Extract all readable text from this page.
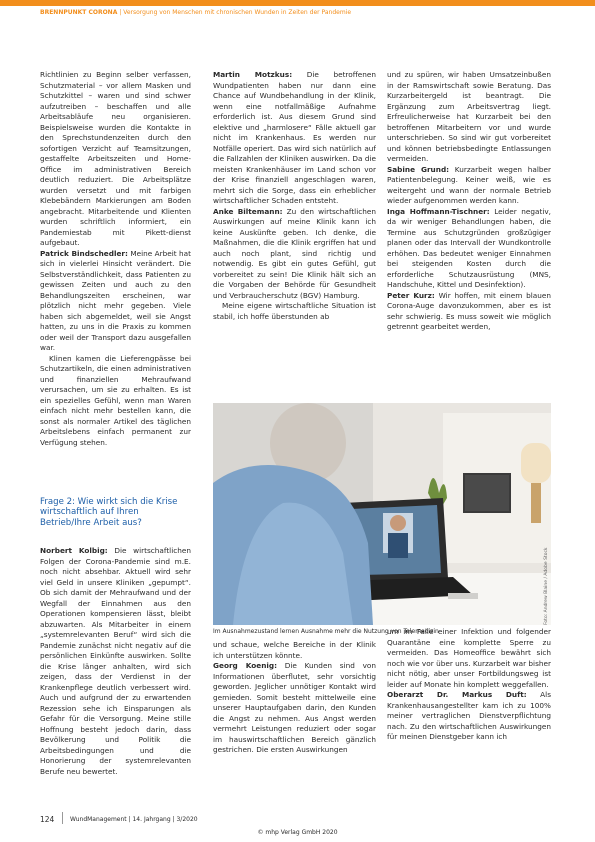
BRENNPUNKT CORONA | Versorgung von Menschen mit chronischen Wunden in Zeiten der Pandemie

Richtlinien zu Beginn selber verfassen, Schutzmaterial – vor allem Masken und Schutzkittel – waren und sind schwer aufzutreiben – beschaffen und alle Arbeitsabläufe neu organisieren. Beispielsweise wurden die Kontakte in den Sprechstundenzeiten durch den sofortigen Verzicht auf Teamsitzungen, gestaffelte Arbeitszeiten und Home-Office im administrativen Bereich deutlich reduziert. Die Arbeitsplätze wurden versetzt und mit farbigen Klebebändern Markierungen am Boden angebracht. Mitarbeitende und Klienten wurden schriftlich informiert, ein Pandemiestab mit Pikett-dienst aufgebaut.

Patrick Bindschedler: Meine Arbeit hat sich in vielerlei Hinsicht verändert. Die Selbstverständlichkeit, dass Patienten zu gewissen Zeiten und auch zu den Behandlungszeiten erscheinen, war plötzlich nicht mehr gegeben. Viele haben sich abgemeldet, weil sie Angst hatten, zu uns in die Praxis zu kommen oder weil der Transport dazu ausgefallen war.

Klinen kamen die Lieferengpässe bei Schutzartikeln, die einen administrativen und finanziellen Mehraufwand verursachen, um sie zu erhalten. Es ist ein spezielles Gefühl, wenn man Waren einfach nicht mehr bestellen kann, die sonst als normaler Artikel des täglichen Arbeitslebens einfach permanent zur Verfügung stehen.

Frage 2: Wie wirkt sich die Krise wirtschaftlich auf Ihren Betrieb/Ihre Arbeit aus?

Norbert Kolbig: Die wirtschaftlichen Folgen der Corona-Pandemie sind m.E. noch nicht absehbar. Aktuell wird sehr viel Geld in unsere Kliniken „gepumpt“. Ob sich damit der Mehraufwand und der Wegfall der Einnahmen aus den Operationen kompensieren lässt, bleibt abzuwarten. Als Mitarbeiter in einem „systemrelevanten Beruf“ wird sich die Pandemie zunächst nicht negativ auf die persönlichen Einkünfte auswirken. Sollte die Krise länger anhalten, wird sich zeigen, dass der Verdienst in der Krankenpflege deutlich verbessert wird. Auch und aufgrund der zu erwartenden Rezession sehe ich Einsparungen als Gefahr für die Versorgung. Meine stille Hoffnung besteht jedoch darin, dass Bevölkerung und Politik die Arbeitsbedingungen und die Honorierung der systemrelevanten Berufe neu bewertet.

Martin Motzkus: Die betroffenen Wundpatienten haben nur dann eine Chance auf Wundbehandlung in der Klinik, wenn eine notfallmäßige Aufnahme erforderlich ist. Aus diesem Grund sind elektive und „harmlosere“ Fälle aktuell gar nicht im Krankenhaus. Es werden nur Notfälle operiert. Das wird sich natürlich auf die Fallzahlen der Kliniken auswirken. Da die meisten Krankenhäuser im Land schon vor der Krise finanziell angeschlagen waren, mehrt sich die Sorge, dass ein erheblicher wirtschaftlicher Schaden entsteht.

Anke Biltemann: Zu den wirtschaftlichen Auswirkungen auf meine Klinik kann ich keine Auskünfte geben. Ich denke, die Maßnahmen, die die Klinik ergriffen hat und auch noch plant, sind richtig und notwendig. Es gibt ein gutes Gefühl, gut vorbereitet zu sein! Die Klinik hält sich an die Vorgaben der Behörde für Gesundheit und Verbraucherschutz (BGV) Hamburg.

Meine eigene wirtschaftliche Situation ist stabil, ich hoffe überstunden ab

und zu spüren, wir haben Umsatzeinbußen in der Ramswirtschaft sowie Beratung. Das Kurzarbeitergeld ist beantragt. Die Ergänzung zum Arbeitsvertrag liegt. Erfreulicherweise hat Kurzarbeit bei den betroffenen Mitarbeitern vor und wurde unterschrieben. So sind wir gut vorbereitet und können betriebsbedingte Entlassungen vermeiden.

Sabine Grund: Kurzarbeit wegen halber Patientenbelegung. Keiner weiß, wie es weitergeht und wann der normale Betrieb wieder aufgenommen werden kann.

Inga Hoffmann-Tischner: Leider negativ, da wir weniger Behandlungen haben, die Termine aus Schutzgründen großzügiger planen oder das Intervall der Wundkontrolle erhöhen. Das bedeutet weniger Einnahmen bei steigenden Kosten durch die erforderliche Schutzausrüstung (MNS, Handschuhe, Kittel und Desinfektion).

Peter Kurz: Wir hoffen, mit einem blauen Corona-Auge davonzukommen, aber es ist sehr schwierig. Es muss soweit wie möglich getrennt gearbeitet werden,

Foto: Andrew Blaine / Adobe Stock
Im Ausnahmezustand lernen Ausnahme mehr die Nutzung von Telemedizin

und schaue, welche Bereiche in der Klinik ich unterstützen könnte.

Georg Koenig: Die Kunden sind von Informationen überflutet, sehr vorsichtig geworden. Jeglicher unnötiger Kontakt wird gemieden. Somit besteht mittelweile eine unserer Hauptaufgaben darin, den Kunden die Angst zu nehmen. Aus Angst werden vermehrt Leistungen reduziert oder sogar im hauswirtschaftlichen Bereich gänzlich gestrichen. Die ersten Auswirkungen

um im Falle einer Infektion und folgender Quarantäne eine komplette Sperre zu vermeiden. Das Homeoffice bewährt sich noch wie vor über uns. Kurzarbeit war bisher nicht nötig, aber unser Fortbildungsweg ist leider auf Monate hin komplett weggefallen.

Oberarzt Dr. Markus Duft: Als Krankenhausangestellter kam ich zu 100% meiner vertraglichen Dienstverpflichtung nach. Zu den wirtschaftlichen Auswirkungen für meinen Dienstgeber kann ich

124	WundManagement | 14. Jahrgang | 3/2020
© mhp Verlag GmbH 2020
